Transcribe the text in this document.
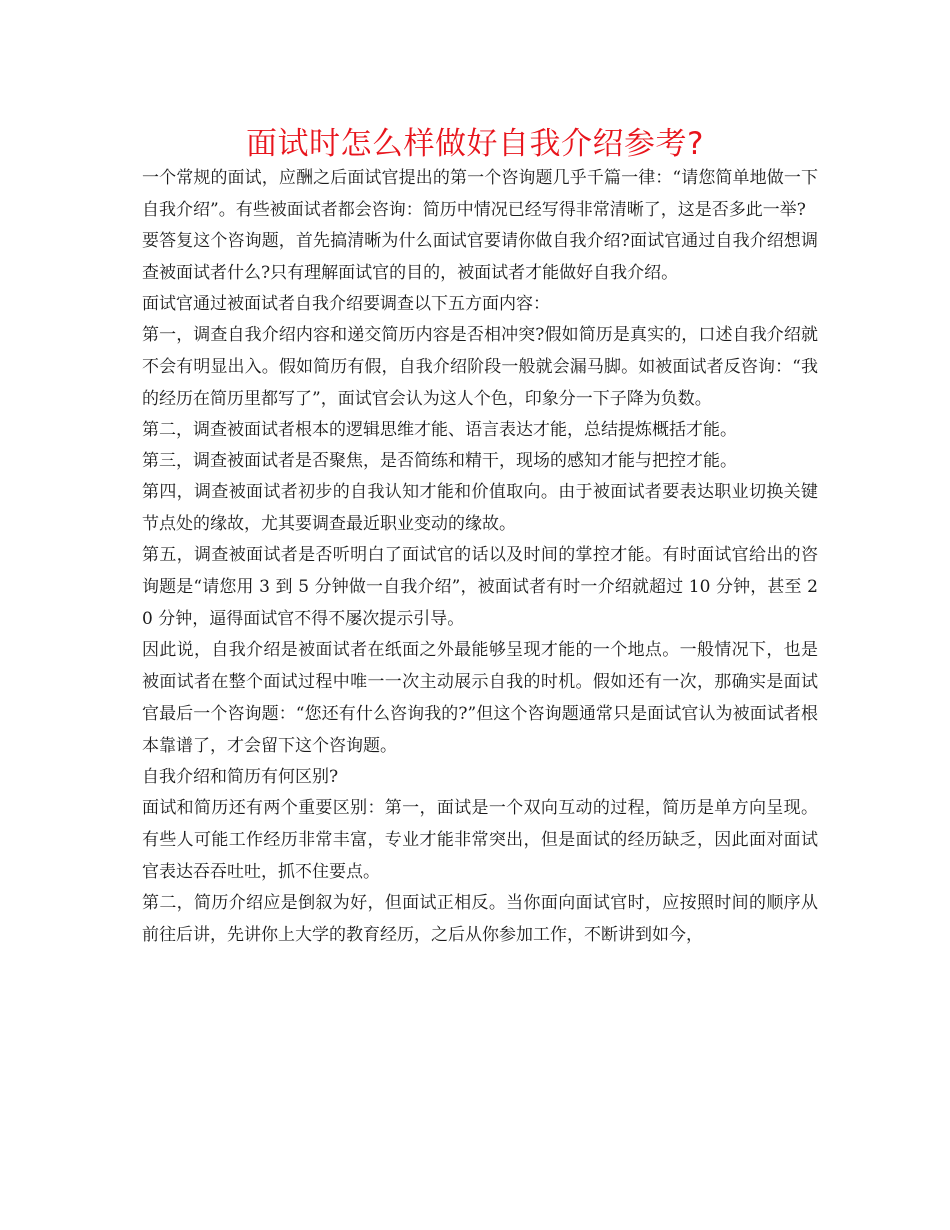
面试时怎么样做好自我介绍参考?

一个常规的面试，应酬之后面试官提出的第一个咨询题几乎千篇一律：“请您简单地做一下自我介绍”。有些被面试者都会咨询：简历中情况已经写得非常清晰了，这是否多此一举?

要答复这个咨询题，首先搞清晰为什么面试官要请你做自我介绍?面试官通过自我介绍想调查被面试者什么?只有理解面试官的目的，被面试者才能做好自我介绍。

面试官通过被面试者自我介绍要调查以下五方面内容：

第一，调查自我介绍内容和递交简历内容是否相冲突?假如简历是真实的，口述自我介绍就不会有明显出入。假如简历有假，自我介绍阶段一般就会漏马脚。如被面试者反咨询：“我的经历在简历里都写了”，面试官会认为这人个色，印象分一下子降为负数。

第二，调查被面试者根本的逻辑思维才能、语言表达才能，总结提炼概括才能。

第三，调查被面试者是否聚焦，是否简练和精干，现场的感知才能与把控才能。

第四，调查被面试者初步的自我认知才能和价值取向。由于被面试者要表达职业切换关键节点处的缘故，尤其要调查最近职业变动的缘故。

第五，调查被面试者是否听明白了面试官的话以及时间的掌控才能。有时面试官给出的咨询题是“请您用 3 到 5 分钟做一自我介绍”，被面试者有时一介绍就超过 10 分钟，甚至 20 分钟，逼得面试官不得不屡次提示引导。

因此说，自我介绍是被面试者在纸面之外最能够呈现才能的一个地点。一般情况下，也是被面试者在整个面试过程中唯一一次主动展示自我的时机。假如还有一次，那确实是面试官最后一个咨询题：“您还有什么咨询我的?”但这个咨询题通常只是面试官认为被面试者根本靠谱了，才会留下这个咨询题。

自我介绍和简历有何区别?

面试和简历还有两个重要区别：第一，面试是一个双向互动的过程，简历是单方向呈现。有些人可能工作经历非常丰富，专业才能非常突出，但是面试的经历缺乏，因此面对面试官表达吞吞吐吐，抓不住要点。

第二，简历介绍应是倒叙为好，但面试正相反。当你面向面试官时，应按照时间的顺序从前往后讲，先讲你上大学的教育经历，之后从你参加工作，不断讲到如今，
